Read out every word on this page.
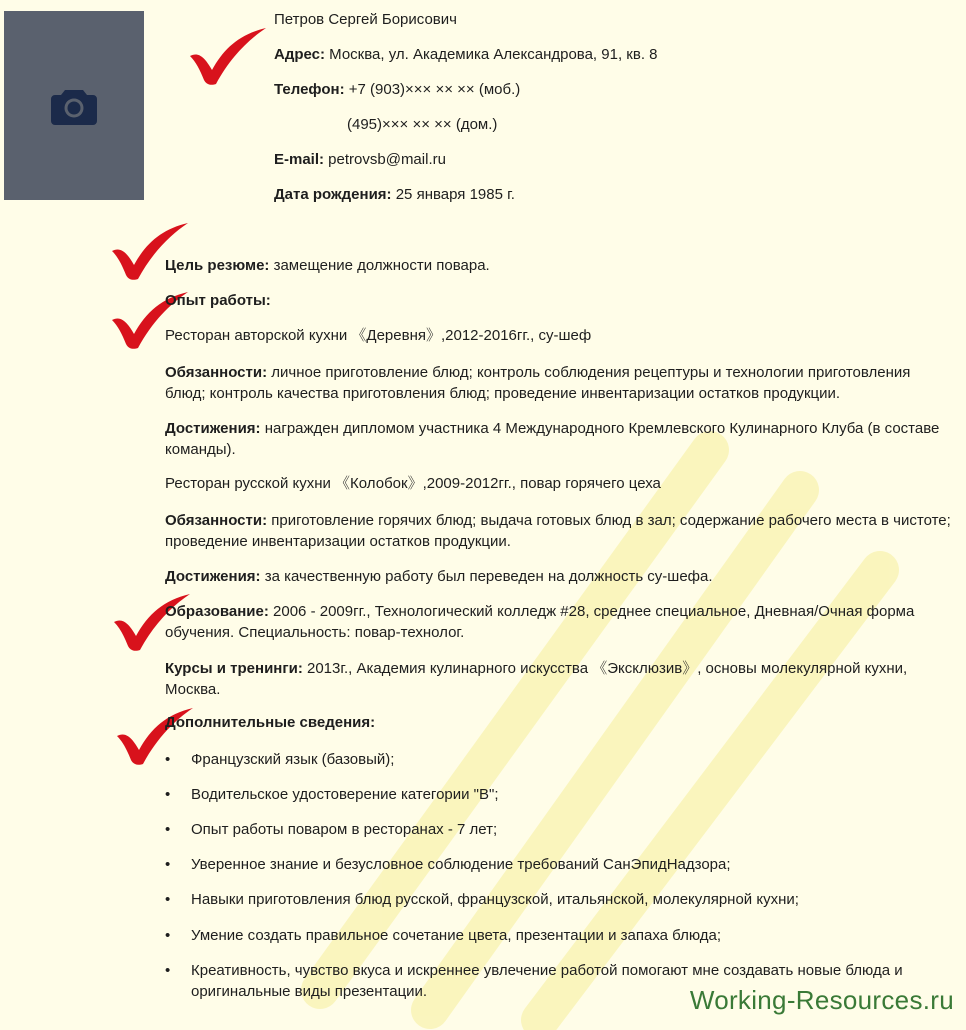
Петров Сергей Борисович
Адрес: Москва, ул. Академика Александрова, 91, кв. 8
Телефон: +7 (903)××× ×× ×× (моб.)
(495)××× ×× ×× (дом.)
E-mail: petrovsb@mail.ru
Дата рождения: 25 января 1985 г.
Цель резюме: замещение должности повара.
Опыт работы:
Ресторан авторской кухни 《Деревня》,2012-2016гг., су-шеф
Обязанности: личное приготовление блюд; контроль соблюдения рецептуры и технологии приготовления блюд; контроль качества приготовления блюд; проведение инвентаризации остатков продукции.
Достижения: награжден дипломом участника 4 Международного Кремлевского Кулинарного Клуба (в составе команды).
Ресторан русской кухни 《Колобок》,2009-2012гг., повар горячего цеха
Обязанности: приготовление горячих блюд; выдача готовых блюд в зал; содержание рабочего места в чистоте; проведение инвентаризации остатков продукции.
Достижения: за качественную работу был переведен на должность су-шефа.
Образование: 2006 - 2009гг., Технологический колледж #28, среднее специальное, Дневная/Очная форма обучения. Специальность: повар-технолог.
Курсы и тренинги: 2013г., Академия кулинарного искусства 《Эксклюзив》, основы молекулярной кухни, Москва.
Дополнительные сведения:
• Французский язык (базовый);
• Водительское удостоверение категории "В";
• Опыт работы поваром в ресторанах - 7 лет;
• Уверенное знание и безусловное соблюдение требований СанЭпидНадзора;
• Навыки приготовления блюд русской, французской, итальянской, молекулярной кухни;
• Умение создать правильное сочетание цвета, презентации и запаха блюда;
• Креативность, чувство вкуса и искреннее увлечение работой помогают мне создавать новые блюда и оригинальные виды презентации.	Working-Resources.ru
